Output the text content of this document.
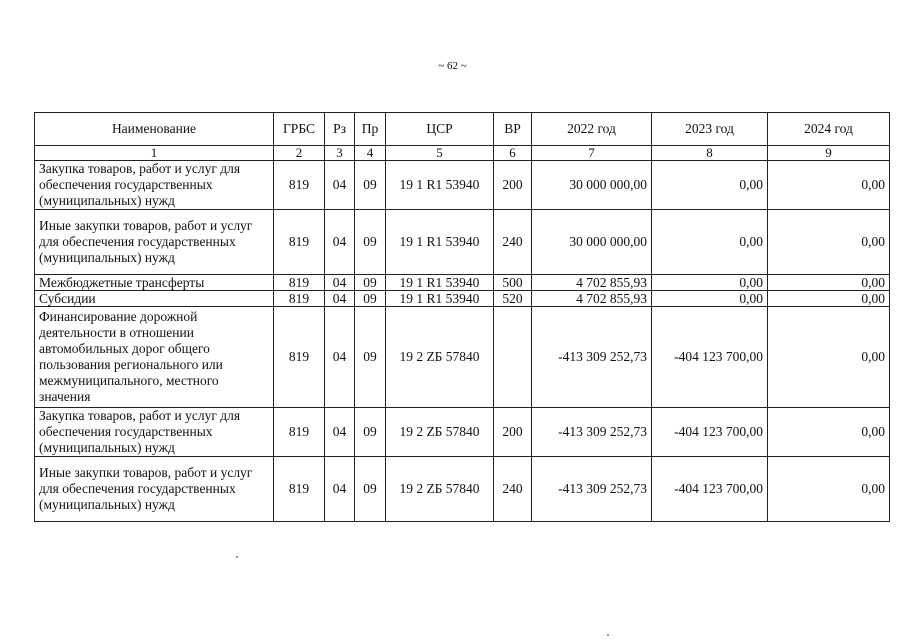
~ 62 ~
Наименование	ГРБС	Рз	Пр	ЦСР	ВР	2022 год	2023 год	2024 год
1	2	3	4	5	6	7	8	9
Закупка товаров, работ и услуг для обеспечения государственных (муниципальных) нужд	819	04	09	19 1 R1 53940	200	30 000 000,00	0,00	0,00
Иные закупки товаров, работ и услуг для обеспечения государственных (муниципальных) нужд	819	04	09	19 1 R1 53940	240	30 000 000,00	0,00	0,00
Межбюджетные трансферты	819	04	09	19 1 R1 53940	500	4 702 855,93	0,00	0,00
Субсидии	819	04	09	19 1 R1 53940	520	4 702 855,93	0,00	0,00
Финансирование дорожной деятельности в отношении автомобильных дорог общего пользования регионального или межмуниципального, местного значения	819	04	09	19 2 ZБ 57840		-413 309 252,73	-404 123 700,00	0,00
Закупка товаров, работ и услуг для обеспечения государственных (муниципальных) нужд	819	04	09	19 2 ZБ 57840	200	-413 309 252,73	-404 123 700,00	0,00
Иные закупки товаров, работ и услуг для обеспечения государственных (муниципальных) нужд	819	04	09	19 2 ZБ 57840	240	-413 309 252,73	-404 123 700,00	0,00
